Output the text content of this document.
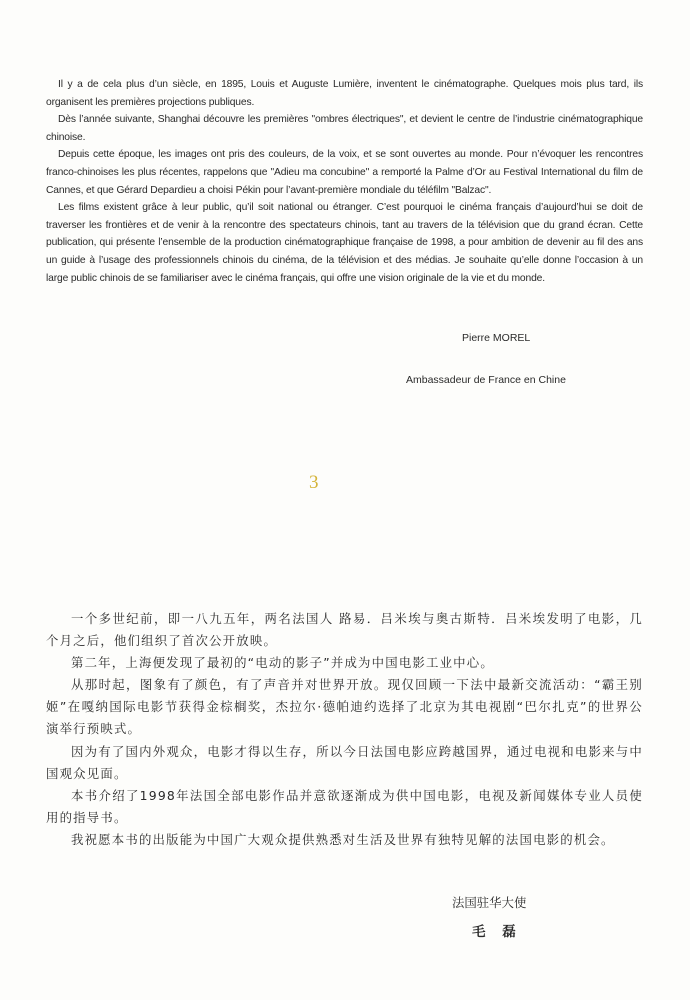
Il y a de cela plus d’un siècle, en 1895, Louis et Auguste Lumière, inventent le cinématographe. Quelques mois plus tard, ils organisent les premières projections publiques.

Dès l’année suivante, Shanghai découvre les premières "ombres électriques", et devient le centre de l’industrie cinématographique chinoise.

Depuis cette époque, les images ont pris des couleurs, de la voix, et se sont ouvertes au monde. Pour n’évoquer les rencontres franco-chinoises les plus récentes, rappelons que "Adieu ma concubine" a remporté la Palme d’Or au Festival International du film de Cannes, et que Gérard Depardieu a choisi Pékin pour l’avant-première mondiale du téléfilm "Balzac".

Les films existent grâce à leur public, qu’il soit national ou étranger. C’est pourquoi le cinéma français d’aujourd’hui se doit de traverser les frontières et de venir à la rencontre des spectateurs chinois, tant au travers de la télévision que du grand écran. Cette publication, qui présente l’ensemble de la production cinématographique française de 1998, a pour ambition de devenir au fil des ans un guide à l’usage des professionnels chinois du cinéma, de la télévision et des médias. Je souhaite qu’elle donne l’occasion à un large public chinois de se familiariser avec le cinéma français, qui offre une vision originale de la vie et du monde.

Pierre MOREL
Ambassadeur de France en Chine
3

一个多世纪前，即一八九五年，两名法国人 路易．吕米埃与奥古斯特．吕米埃发明了电影，几个月之后，他们组织了首次公开放映。

第二年，上海便发现了最初的“电动的影子”并成为中国电影工业中心。

从那时起，图象有了颜色，有了声音并对世界开放。现仅回顾一下法中最新交流活动：“霸王别姬”在嘎纳国际电影节获得金棕榈奖，杰拉尔·德帕迪约选择了北京为其电视剧“巴尔扎克”的世界公演举行预映式。

因为有了国内外观众，电影才得以生存，所以今日法国电影应跨越国界，通过电视和电影来与中国观众见面。

本书介绍了1998年法国全部电影作品并意欲逐渐成为供中国电影，电视及新闻媒体专业人员使用的指导书。

我祝愿本书的出版能为中国广大观众提供熟悉对生活及世界有独特见解的法国电影的机会。

法国驻华大使
毛 磊
